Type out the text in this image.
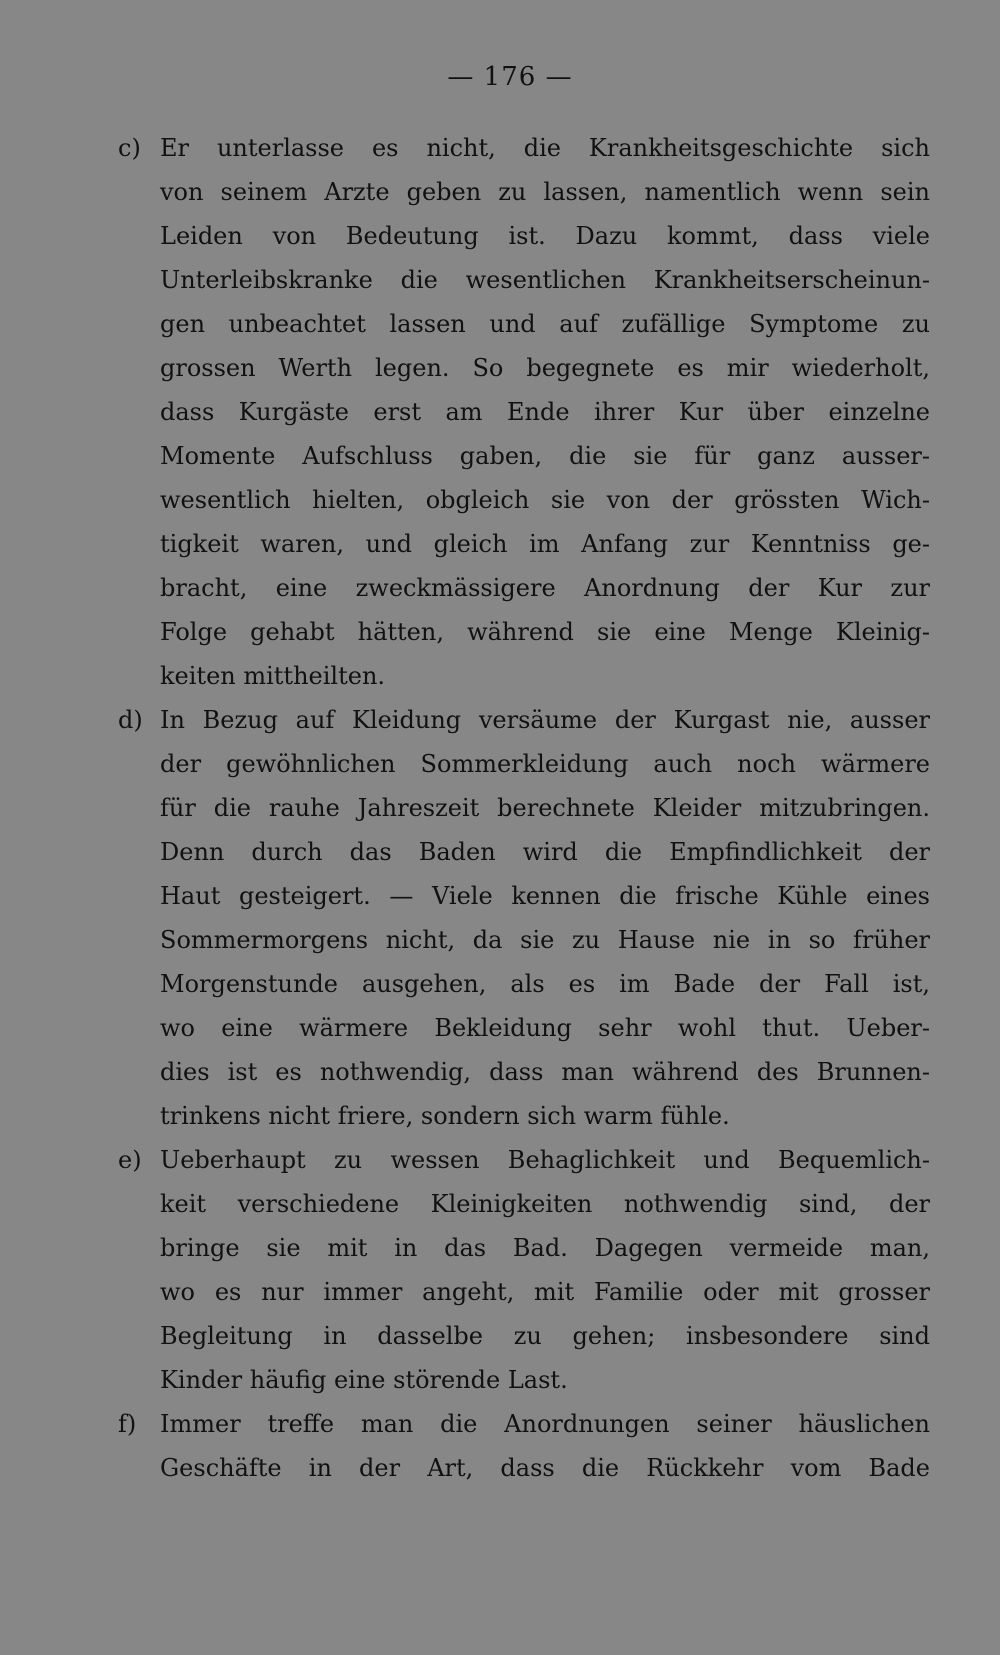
— 176 —
c) Er unterlasse es nicht, die Krankheitsgeschichte sich
von seinem Arzte geben zu lassen, namentlich wenn sein
Leiden von Bedeutung ist. Dazu kommt, dass viele
Unterleibskranke die wesentlichen Krankheitserscheinun-
gen unbeachtet lassen und auf zufällige Symptome zu
grossen Werth legen. So begegnete es mir wiederholt,
dass Kurgäste erst am Ende ihrer Kur über einzelne
Momente Aufschluss gaben, die sie für ganz ausser-
wesentlich hielten, obgleich sie von der grössten Wich-
tigkeit waren, und gleich im Anfang zur Kenntniss ge-
bracht, eine zweckmässigere Anordnung der Kur zur
Folge gehabt hätten, während sie eine Menge Kleinig-
keiten mittheilten.
d) In Bezug auf Kleidung versäume der Kurgast nie, ausser
der gewöhnlichen Sommerkleidung auch noch wärmere
für die rauhe Jahreszeit berechnete Kleider mitzubringen.
Denn durch das Baden wird die Empfindlichkeit der
Haut gesteigert. — Viele kennen die frische Kühle eines
Sommermorgens nicht, da sie zu Hause nie in so früher
Morgenstunde ausgehen, als es im Bade der Fall ist,
wo eine wärmere Bekleidung sehr wohl thut. Ueber-
dies ist es nothwendig, dass man während des Brunnen-
trinkens nicht friere, sondern sich warm fühle.
e) Ueberhaupt zu wessen Behaglichkeit und Bequemlich-
keit verschiedene Kleinigkeiten nothwendig sind, der
bringe sie mit in das Bad. Dagegen vermeide man,
wo es nur immer angeht, mit Familie oder mit grosser
Begleitung in dasselbe zu gehen; insbesondere sind
Kinder häufig eine störende Last.
f) Immer treffe man die Anordnungen seiner häuslichen
Geschäfte in der Art, dass die Rückkehr vom Bade
